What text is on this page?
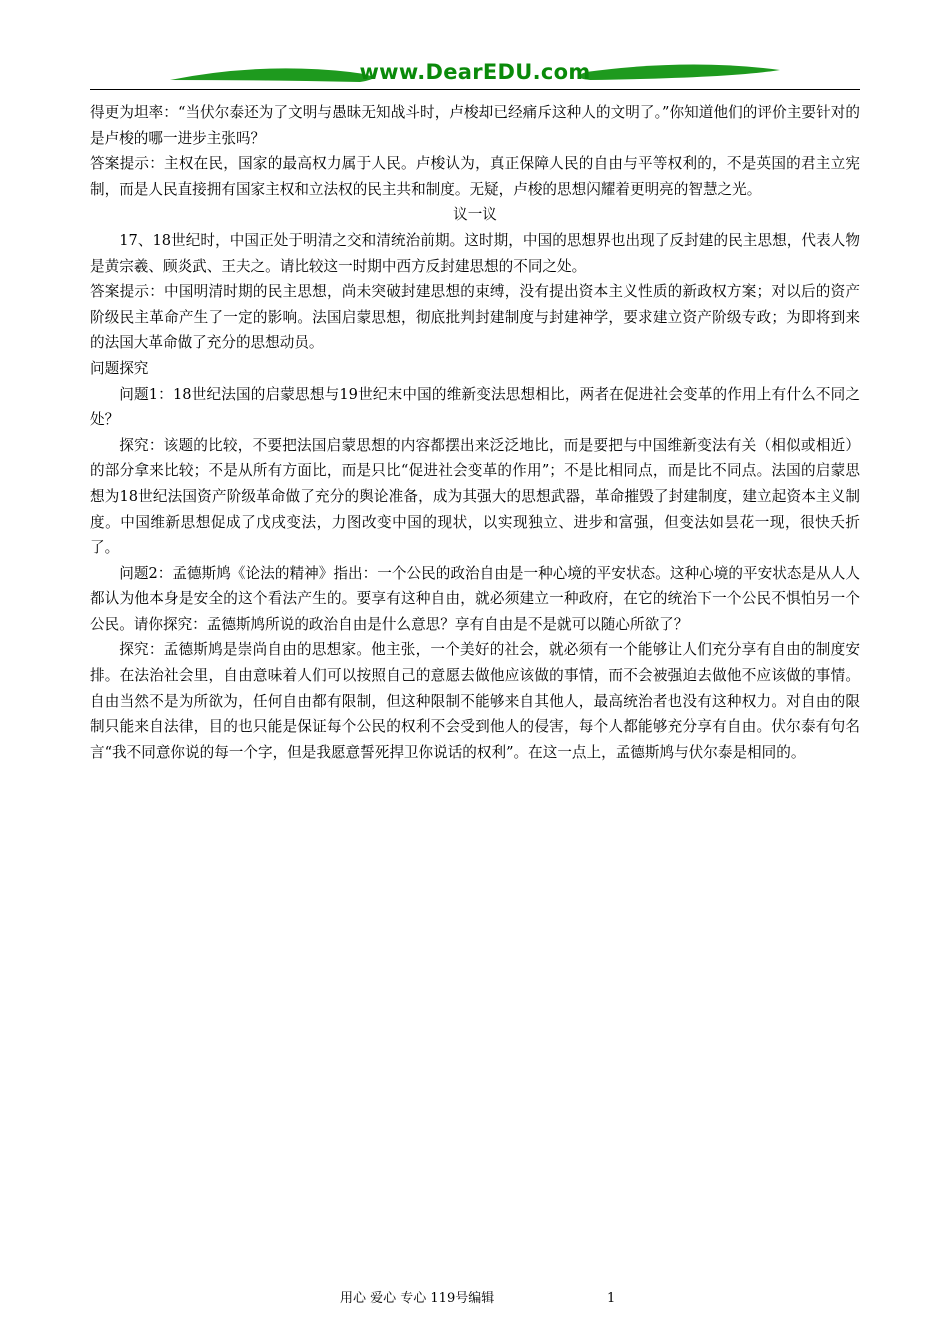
www.DearEDU.com

得更为坦率：“当伏尔泰还为了文明与愚昧无知战斗时，卢梭却已经痛斥这种人的文明了。”你知道他们的评价主要针对的是卢梭的哪一进步主张吗？

答案提示：主权在民，国家的最高权力属于人民。卢梭认为，真正保障人民的自由与平等权利的，不是英国的君主立宪制，而是人民直接拥有国家主权和立法权的民主共和制度。无疑，卢梭的思想闪耀着更明亮的智慧之光。

议一议

17、18世纪时，中国正处于明清之交和清统治前期。这时期，中国的思想界也出现了反封建的民主思想，代表人物是黄宗羲、顾炎武、王夫之。请比较这一时期中西方反封建思想的不同之处。

答案提示：中国明清时期的民主思想，尚未突破封建思想的束缚，没有提出资本主义性质的新政权方案；对以后的资产阶级民主革命产生了一定的影响。法国启蒙思想，彻底批判封建制度与封建神学，要求建立资产阶级专政；为即将到来的法国大革命做了充分的思想动员。

问题探究

问题1：18世纪法国的启蒙思想与19世纪末中国的维新变法思想相比，两者在促进社会变革的作用上有什么不同之处？

探究：该题的比较，不要把法国启蒙思想的内容都摆出来泛泛地比，而是要把与中国维新变法有关（相似或相近）的部分拿来比较；不是从所有方面比，而是只比“促进社会变革的作用”；不是比相同点，而是比不同点。法国的启蒙思想为18世纪法国资产阶级革命做了充分的舆论准备，成为其强大的思想武器，革命摧毁了封建制度，建立起资本主义制度。中国维新思想促成了戊戌变法，力图改变中国的现状，以实现独立、进步和富强，但变法如昙花一现，很快夭折了。

问题2：孟德斯鸠《论法的精神》指出：一个公民的政治自由是一种心境的平安状态。这种心境的平安状态是从人人都认为他本身是安全的这个看法产生的。要享有这种自由，就必须建立一种政府，在它的统治下一个公民不惧怕另一个公民。请你探究：孟德斯鸠所说的政治自由是什么意思？享有自由是不是就可以随心所欲了？

探究：孟德斯鸠是崇尚自由的思想家。他主张，一个美好的社会，就必须有一个能够让人们充分享有自由的制度安排。在法治社会里，自由意味着人们可以按照自己的意愿去做他应该做的事情，而不会被强迫去做他不应该做的事情。自由当然不是为所欲为，任何自由都有限制，但这种限制不能够来自其他人，最高统治者也没有这种权力。对自由的限制只能来自法律，目的也只能是保证每个公民的权利不会受到他人的侵害，每个人都能够充分享有自由。伏尔泰有句名言“我不同意你说的每一个字，但是我愿意誓死捍卫你说话的权利”。在这一点上，孟德斯鸠与伏尔泰是相同的。

用心 爱心 专心 119号编辑	1
